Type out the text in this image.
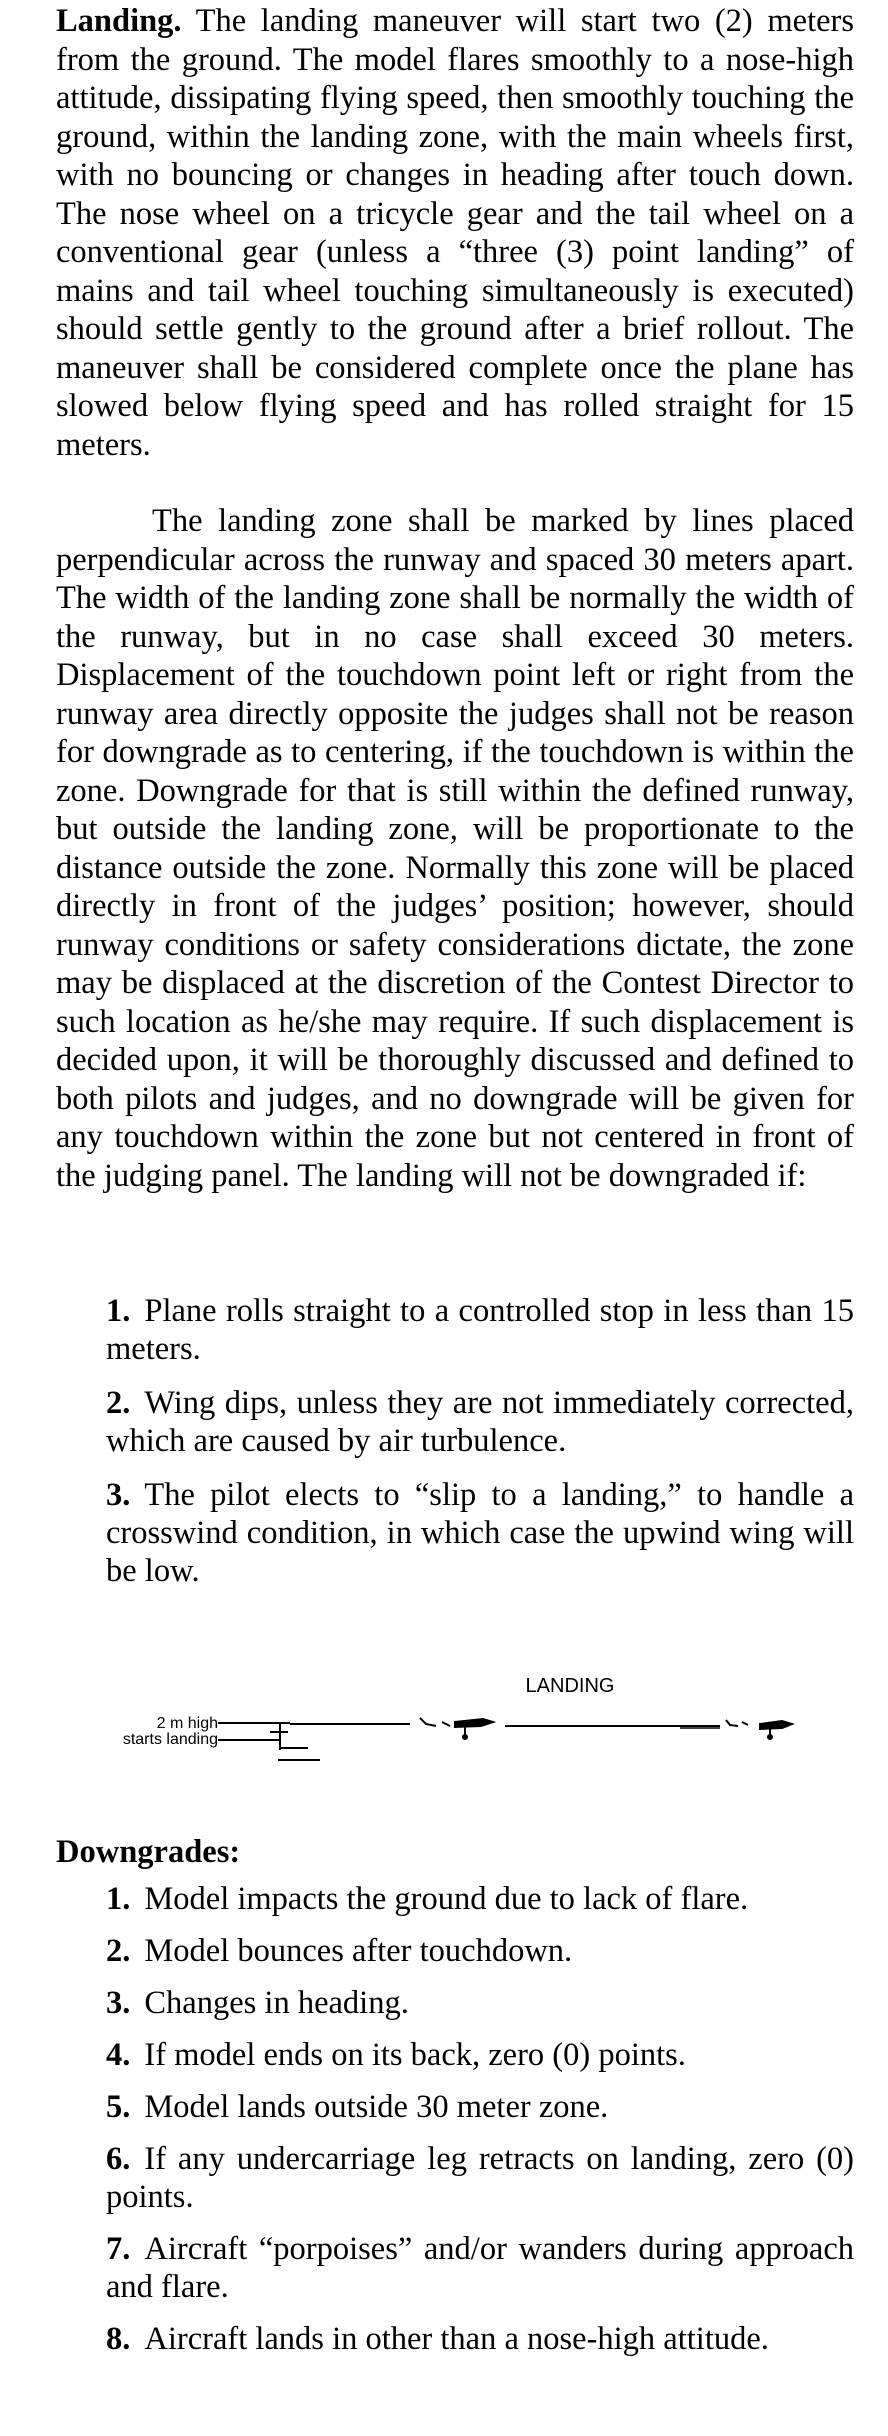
Landing. The landing maneuver will start two (2) meters from the ground. The model flares smoothly to a nose-high attitude, dissipating flying speed, then smoothly touching the ground, within the landing zone, with the main wheels first, with no bouncing or changes in heading after touch down. The nose wheel on a tricycle gear and the tail wheel on a conventional gear (unless a “three (3) point landing” of mains and tail wheel touching simultaneously is executed) should settle gently to the ground after a brief rollout. The maneuver shall be considered complete once the plane has slowed below flying speed and has rolled straight for 15 meters.

The landing zone shall be marked by lines placed perpendicular across the runway and spaced 30 meters apart. The width of the landing zone shall be normally the width of the runway, but in no case shall exceed 30 meters. Displacement of the touchdown point left or right from the runway area directly opposite the judges shall not be reason for downgrade as to centering, if the touchdown is within the zone. Downgrade for that is still within the defined runway, but outside the landing zone, will be proportionate to the distance outside the zone. Normally this zone will be placed directly in front of the judges’ position; however, should runway conditions or safety considerations dictate, the zone may be displaced at the discretion of the Contest Director to such location as he/she may require. If such displacement is decided upon, it will be thoroughly discussed and defined to both pilots and judges, and no downgrade will be given for any touchdown within the zone but not centered in front of the judging panel. The landing will not be downgraded if:

1. Plane rolls straight to a controlled stop in less than 15 meters.
2. Wing dips, unless they are not immediately corrected, which are caused by air turbulence.
3. The pilot elects to “slip to a landing,” to handle a crosswind condition, in which case the upwind wing will be low.
LANDING
2 m high
starts landing

Downgrades:

1. Model impacts the ground due to lack of flare.
2. Model bounces after touchdown.
3. Changes in heading.
4. If model ends on its back, zero (0) points.
5. Model lands outside 30 meter zone.
6. If any undercarriage leg retracts on landing, zero (0) points.
7. Aircraft “porpoises” and/or wanders during approach and flare.
8. Aircraft lands in other than a nose-high attitude.
